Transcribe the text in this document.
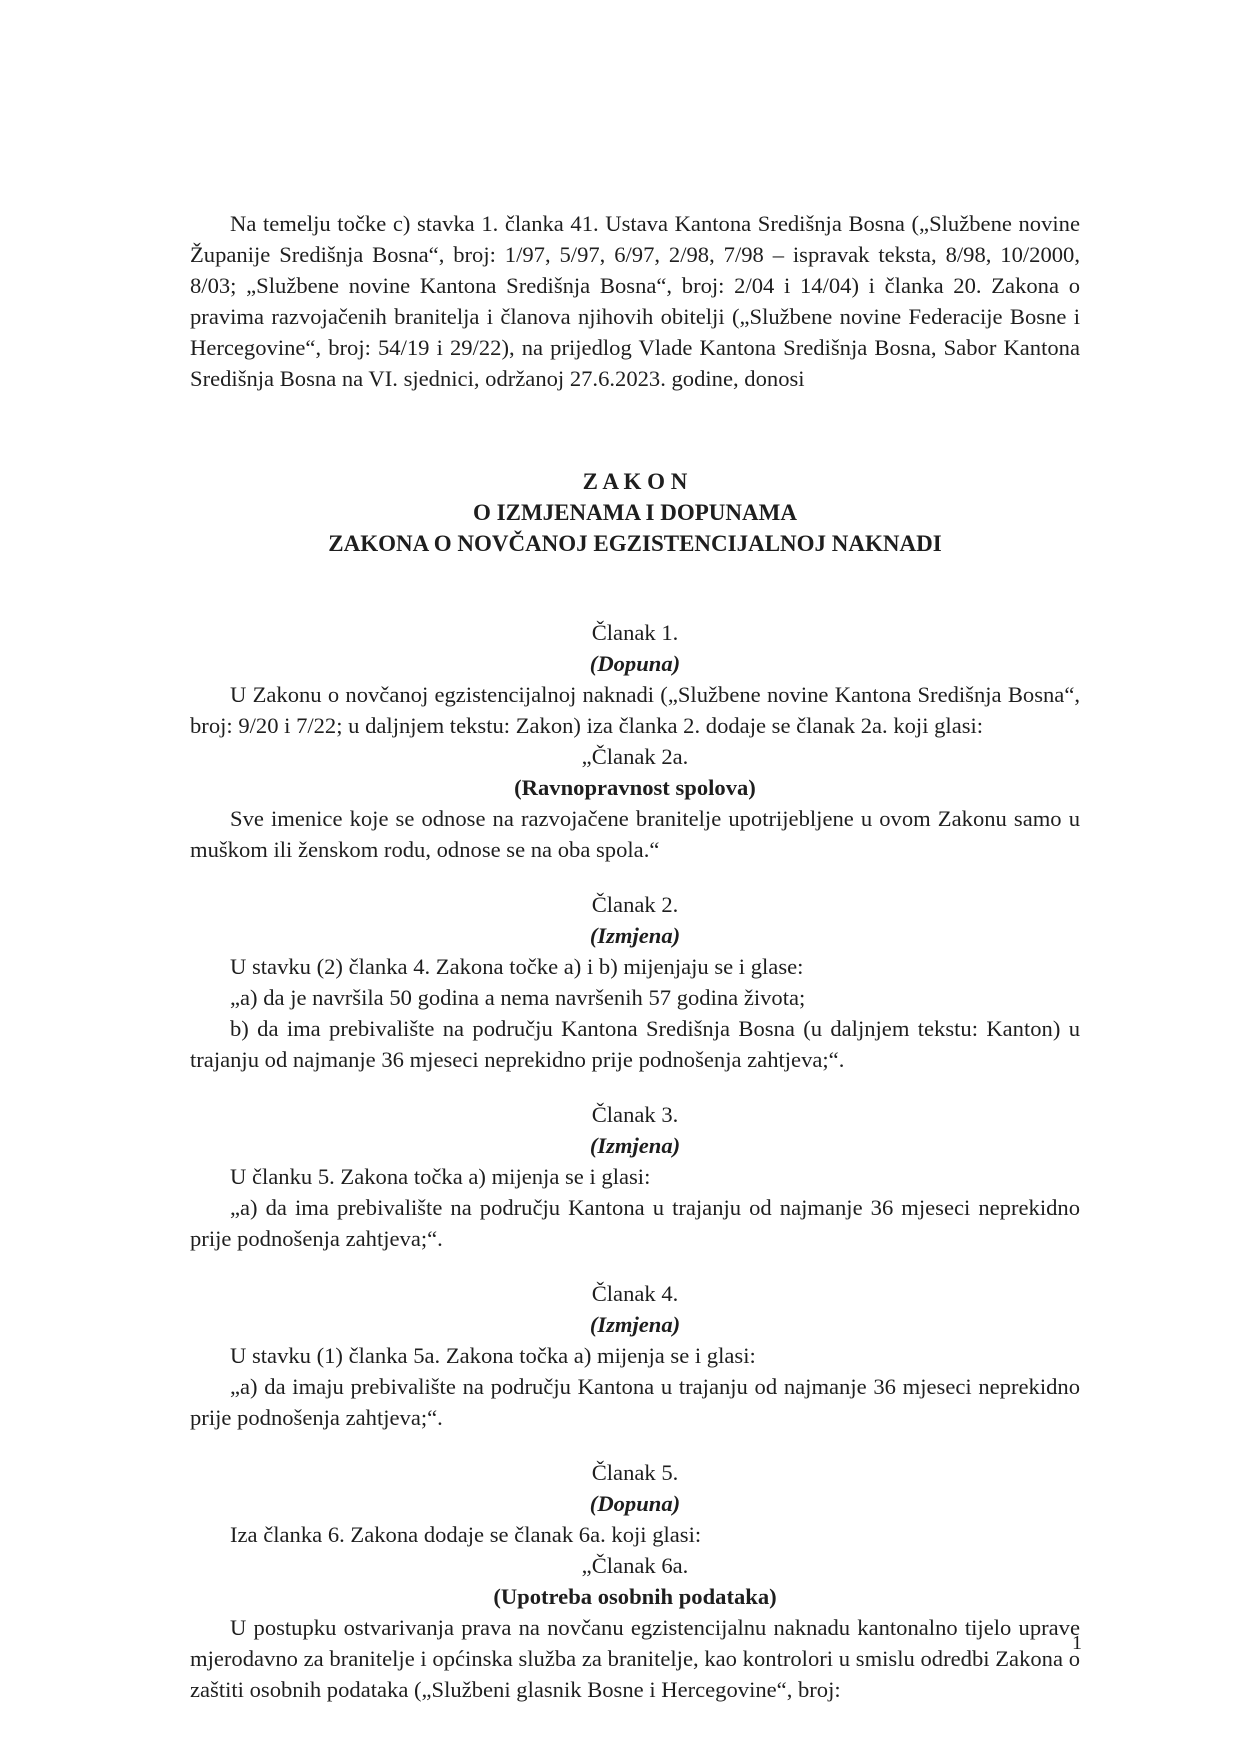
Na temelju točke c) stavka 1. članka 41. Ustava Kantona Središnja Bosna („Službene novine Županije Središnja Bosna“, broj: 1/97, 5/97, 6/97, 2/98, 7/98 – ispravak teksta, 8/98, 10/2000, 8/03; „Službene novine Kantona Središnja Bosna“, broj: 2/04 i 14/04) i članka 20. Zakona o pravima razvojačenih branitelja i članova njihovih obitelji („Službene novine Federacije Bosne i Hercegovine“, broj: 54/19 i 29/22), na prijedlog Vlade Kantona Središnja Bosna, Sabor Kantona Središnja Bosna na VI. sjednici, održanoj 27.6.2023. godine, donosi

Z A K O N
O IZMJENAMA I DOPUNAMA
ZAKONA O NOVČANOJ EGZISTENCIJALNOJ NAKNADI
Članak 1.
(Dopuna)

U Zakonu o novčanoj egzistencijalnoj naknadi („Službene novine Kantona Središnja Bosna“, broj: 9/20 i 7/22; u daljnjem tekstu: Zakon) iza članka 2. dodaje se članak 2a. koji glasi:

„Članak 2a.
(Ravnopravnost spolova)

Sve imenice koje se odnose na razvojačene branitelje upotrijebljene u ovom Zakonu samo u muškom ili ženskom rodu, odnose se na oba spola.“

Članak 2.
(Izmjena)

U stavku (2) članka 4. Zakona točke a) i b) mijenjaju se i glase:

„a) da je navršila 50 godina a nema navršenih 57 godina života;

b) da ima prebivalište na području Kantona Središnja Bosna (u daljnjem tekstu: Kanton) u trajanju od najmanje 36 mjeseci neprekidno prije podnošenja zahtjeva;“.

Članak 3.
(Izmjena)

U članku 5. Zakona točka a) mijenja se i glasi:

„a) da ima prebivalište na području Kantona u trajanju od najmanje 36 mjeseci neprekidno prije podnošenja zahtjeva;“.

Članak 4.
(Izmjena)

U stavku (1) članka 5a. Zakona točka a) mijenja se i glasi:

„a) da imaju prebivalište na području Kantona u trajanju od najmanje 36 mjeseci neprekidno prije podnošenja zahtjeva;“.

Članak 5.
(Dopuna)

Iza članka 6. Zakona dodaje se članak 6a. koji glasi:

„Članak 6a.
(Upotreba osobnih podataka)

U postupku ostvarivanja prava na novčanu egzistencijalnu naknadu kantonalno tijelo uprave mjerodavno za branitelje i općinska služba za branitelje, kao kontrolori u smislu odredbi Zakona o zaštiti osobnih podataka („Službeni glasnik Bosne i Hercegovine“, broj:

1
